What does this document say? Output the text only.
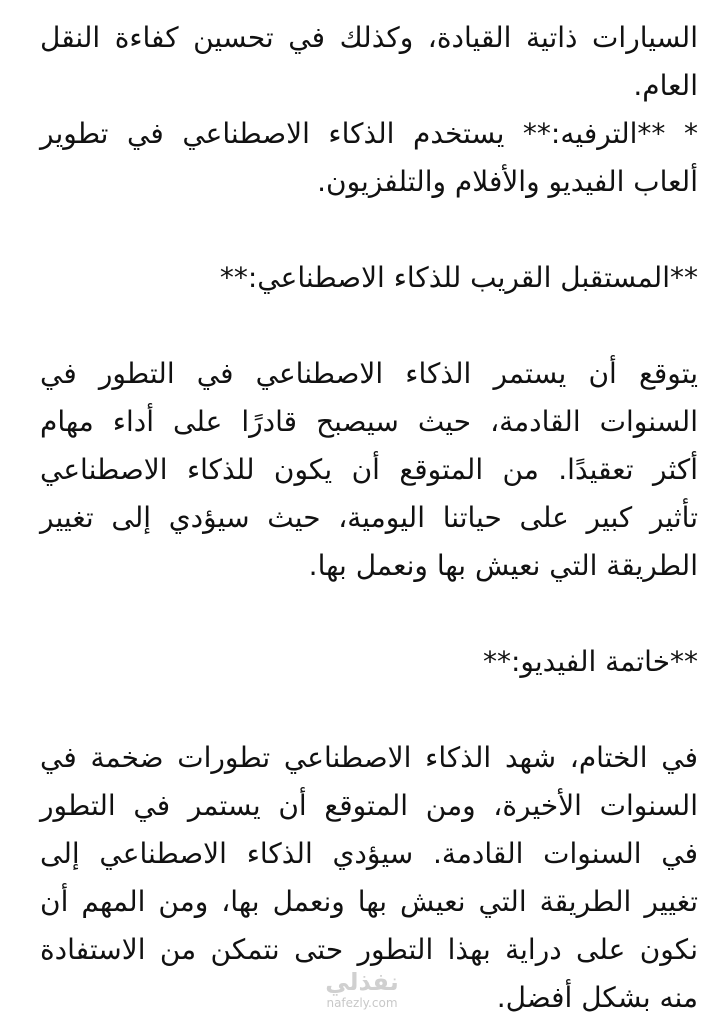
السيارات ذاتية القيادة، وكذلك في تحسين كفاءة النقل
العام.
* **الترفيه:** يستخدم الذكاء الاصطناعي في تطوير
ألعاب الفيديو والأفلام والتلفزيون.
**المستقبل القريب للذكاء الاصطناعي:**
يتوقع أن يستمر الذكاء الاصطناعي في التطور في
السنوات القادمة، حيث سيصبح قادرًا على أداء مهام
أكثر تعقيدًا. من المتوقع أن يكون للذكاء الاصطناعي
تأثير كبير على حياتنا اليومية، حيث سيؤدي إلى تغيير
الطريقة التي نعيش بها ونعمل بها.
**خاتمة الفيديو:**
في الختام، شهد الذكاء الاصطناعي تطورات ضخمة في
السنوات الأخيرة، ومن المتوقع أن يستمر في التطور
في السنوات القادمة. سيؤدي الذكاء الاصطناعي إلى
تغيير الطريقة التي نعيش بها ونعمل بها، ومن المهم أن
نكون على دراية بهذا التطور حتى نتمكن من الاستفادة
منه بشكل أفضل.
نفذلي
nafezly.com
